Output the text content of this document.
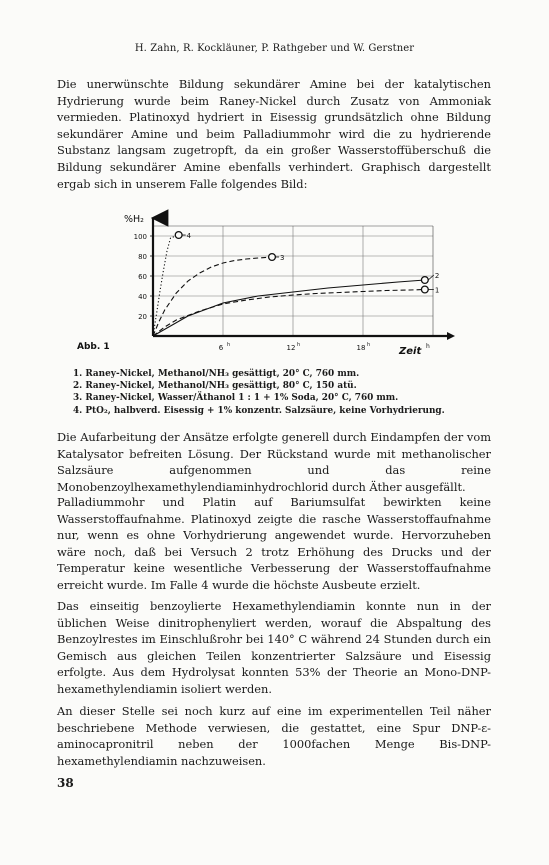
H. Zahn, R. Kockläuner, P. Rathgeber und W. Gerstner

Die unerwünschte Bildung sekundärer Amine bei der katalytischen Hydrierung wurde beim Raney-Nickel durch Zusatz von Ammoniak vermieden. Platinoxyd hydriert in Eisessig grundsätzlich ohne Bildung sekundärer Amine und beim Palladiummohr wird die zu hydrierende Substanz langsam zugetropft, da ein großer Wasserstoffüberschuß die Bildung sekundärer Amine ebenfalls verhindert. Graphisch dargestellt ergab sich in unserem Falle folgendes Bild:

20
40
60
80
100
6 h	12 h	18 h
1
2
3
4
Abb. 1
%H₂
Zeit h
1. Raney-Nickel, Methanol/NH₃ gesättigt, 20° C, 760 mm.
2. Raney-Nickel, Methanol/NH₃ gesättigt, 80° C, 150 atü.
3. Raney-Nickel, Wasser/Äthanol 1 : 1 + 1% Soda, 20° C, 760 mm.
4. PtO₂, halbverd. Eisessig + 1% konzentr. Salzsäure, keine Vorhydrierung.

Die Aufarbeitung der Ansätze erfolgte generell durch Eindampfen der vom Katalysator befreiten Lösung. Der Rückstand wurde mit methanolischer Salzsäure aufgenommen und das reine Monobenzoylhexamethylendiaminhydrochlorid durch Äther ausgefällt.

Palladiummohr und Platin auf Bariumsulfat bewirkten keine Wasserstoffaufnahme. Platinoxyd zeigte die rasche Wasserstoffaufnahme nur, wenn es ohne Vorhydrierung angewendet wurde. Hervorzuheben wäre noch, daß bei Versuch 2 trotz Erhöhung des Drucks und der Temperatur keine wesentliche Verbesserung der Wasserstoffaufnahme erreicht wurde. Im Falle 4 wurde die höchste Ausbeute erzielt.

Das einseitig benzoylierte Hexamethylendiamin konnte nun in der üblichen Weise dinitrophenyliert werden, worauf die Abspaltung des Benzoylrestes im Einschlußrohr bei 140° C während 24 Stunden durch ein Gemisch aus gleichen Teilen konzentrierter Salzsäure und Eisessig erfolgte. Aus dem Hydrolysat konnten 53% der Theorie an Mono-DNP-hexamethylendiamin isoliert werden.

An dieser Stelle sei noch kurz auf eine im experimentellen Teil näher beschriebene Methode verwiesen, die gestattet, eine Spur DNP-ε-aminocapronitril neben der 1000fachen Menge Bis-DNP-hexamethylendiamin nachzuweisen.

38
